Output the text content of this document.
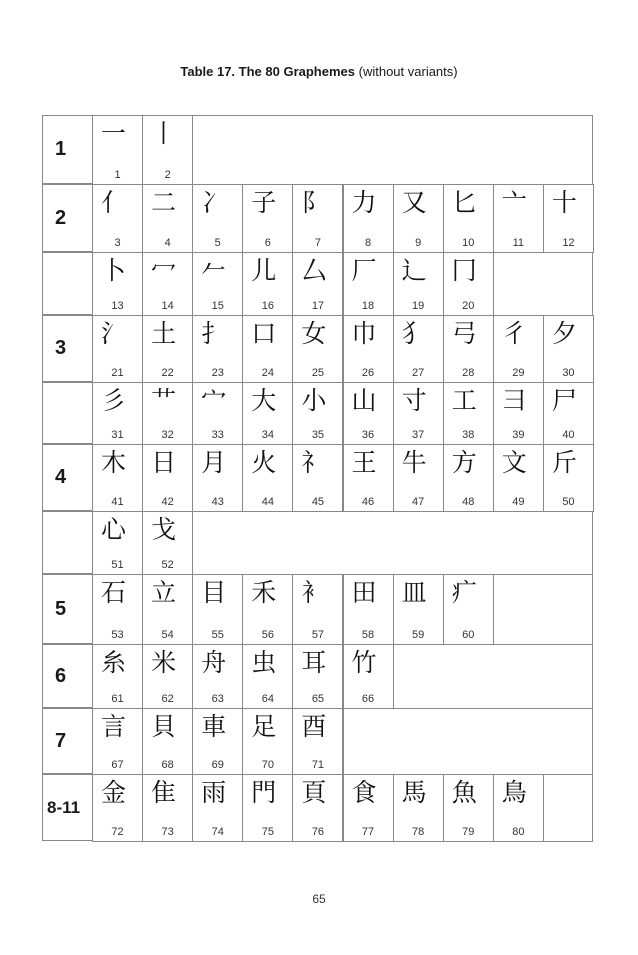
Table 17. The 80 Graphemes (without variants)
一
1
丨
2
亻
3
二
4
冫
5
子
6
阝
7
力
8
又
9
匕
10
亠
11
十
12
卜
13
冖
14
𠂉
15
儿
16
厶
17
厂
18
辶
19
冂
20
氵
21
土
22
扌
23
口
24
女
25
巾
26
犭
27
弓
28
彳
29
夕
30
彡
31
艹
32
宀
33
大
34
小
35
山
36
寸
37
工
38
彐
39
尸
40
木
41
日
42
月
43
火
44
礻
45
王
46
牛
47
方
48
文
49
斤
50
心
51
戈
52
石
53
立
54
目
55
禾
56
衤
57
田
58
皿
59
疒
60
糸
61
米
62
舟
63
虫
64
耳
65
竹
66
言
67
貝
68
車
69
足
70
酉
71
金
72
隹
73
雨
74
門
75
頁
76
食
77
馬
78
魚
79
鳥
80
65
1
2
3
4
5
6
7
8-11
